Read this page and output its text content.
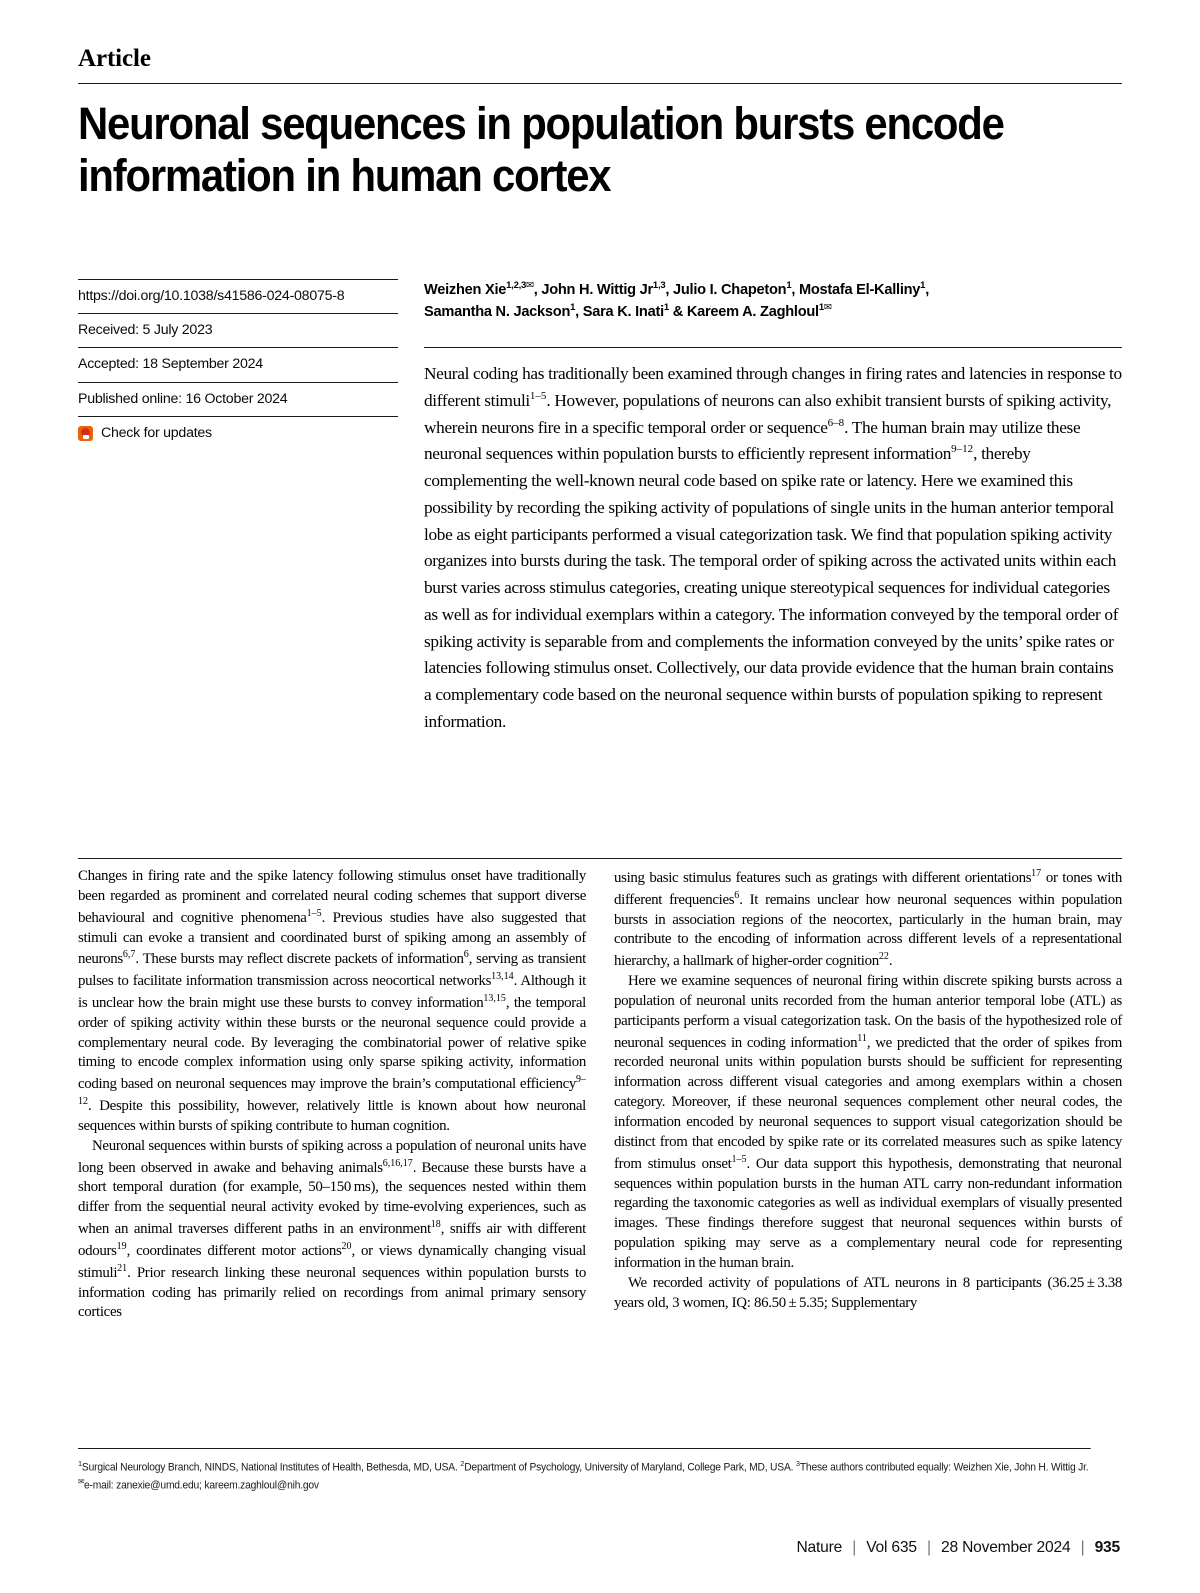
Article
Neuronal sequences in population bursts encode information in human cortex
https://doi.org/10.1038/s41586-024-08075-8
Received: 5 July 2023
Accepted: 18 September 2024
Published online: 16 October 2024
Check for updates
Weizhen Xie$^{1,2,3✉}$, John H. Wittig Jr$^{1,3}$, Julio I. Chapeton$^1$, Mostafa El-Kalliny$^1$,
Samantha N. Jackson$^1$, Sara K. Inati$^1$ & Kareem A. Zaghloul$^{1✉}$
Neural coding has traditionally been examined through changes in firing rates and latencies in response to different stimuli$^{1-5}$. However, populations of neurons can also exhibit transient bursts of spiking activity, wherein neurons fire in a specific temporal order or sequence$^{6-8}$. The human brain may utilize these neuronal sequences within population bursts to efficiently represent information$^{9-12}$, thereby complementing the well-known neural code based on spike rate or latency. Here we examined this possibility by recording the spiking activity of populations of single units in the human anterior temporal lobe as eight participants performed a visual categorization task. We find that population spiking activity organizes into bursts during the task. The temporal order of spiking across the activated units within each burst varies across stimulus categories, creating unique stereotypical sequences for individual categories as well as for individual exemplars within a category. The information conveyed by the temporal order of spiking activity is separable from and complements the information conveyed by the units’ spike rates or latencies following stimulus onset. Collectively, our data provide evidence that the human brain contains a complementary code based on the neuronal sequence within bursts of population spiking to represent information.

Changes in firing rate and the spike latency following stimulus onset have traditionally been regarded as prominent and correlated neural coding schemes that support diverse behavioural and cognitive phenomena$^{1-5}$. Previous studies have also suggested that stimuli can evoke a transient and coordinated burst of spiking among an assembly of neurons$^{6,7}$. These bursts may reflect discrete packets of information$^6$, serving as transient pulses to facilitate information transmission across neocortical networks$^{13,14}$. Although it is unclear how the brain might use these bursts to convey information$^{13,15}$, the temporal order of spiking activity within these bursts or the neuronal sequence could provide a complementary neural code. By leveraging the combinatorial power of relative spike timing to encode complex information using only sparse spiking activity, information coding based on neuronal sequences may improve the brain’s computational efficiency$^{9-12}$. Despite this possibility, however, relatively little is known about how neuronal sequences within bursts of spiking contribute to human cognition.

Neuronal sequences within bursts of spiking across a population of neuronal units have long been observed in awake and behaving animals$^{6,16,17}$. Because these bursts have a short temporal duration (for example, 50–150 ms), the sequences nested within them differ from the sequential neural activity evoked by time-evolving experiences, such as when an animal traverses different paths in an environment$^{18}$, sniffs air with different odours$^{19}$, coordinates different motor actions$^{20}$, or views dynamically changing visual stimuli$^{21}$. Prior research linking these neuronal sequences within population bursts to information coding has primarily relied on recordings from animal primary sensory cortices

using basic stimulus features such as gratings with different orientations$^{17}$ or tones with different frequencies$^6$. It remains unclear how neuronal sequences within population bursts in association regions of the neocortex, particularly in the human brain, may contribute to the encoding of information across different levels of a representational hierarchy, a hallmark of higher-order cognition$^{22}$.

Here we examine sequences of neuronal firing within discrete spiking bursts across a population of neuronal units recorded from the human anterior temporal lobe (ATL) as participants perform a visual categorization task. On the basis of the hypothesized role of neuronal sequences in coding information$^{11}$, we predicted that the order of spikes from recorded neuronal units within population bursts should be sufficient for representing information across different visual categories and among exemplars within a chosen category. Moreover, if these neuronal sequences complement other neural codes, the information encoded by neuronal sequences to support visual categorization should be distinct from that encoded by spike rate or its correlated measures such as spike latency from stimulus onset$^{1-5}$. Our data support this hypothesis, demonstrating that neuronal sequences within population bursts in the human ATL carry non-redundant information regarding the taxonomic categories as well as individual exemplars of visually presented images. These findings therefore suggest that neuronal sequences within bursts of population spiking may serve as a complementary neural code for representing information in the human brain.

We recorded activity of populations of ATL neurons in 8 participants (36.25 ± 3.38 years old, 3 women, IQ: 86.50 ± 5.35; Supplementary

$^1$Surgical Neurology Branch, NINDS, National Institutes of Health, Bethesda, MD, USA. $^2$Department of Psychology, University of Maryland, College Park, MD, USA. $^3$These authors contributed equally: Weizhen Xie, John H. Wittig Jr. ✉e-mail: zanexie@umd.edu; kareem.zaghloul@nih.gov
Nature | Vol 635 | 28 November 2024 | 935
